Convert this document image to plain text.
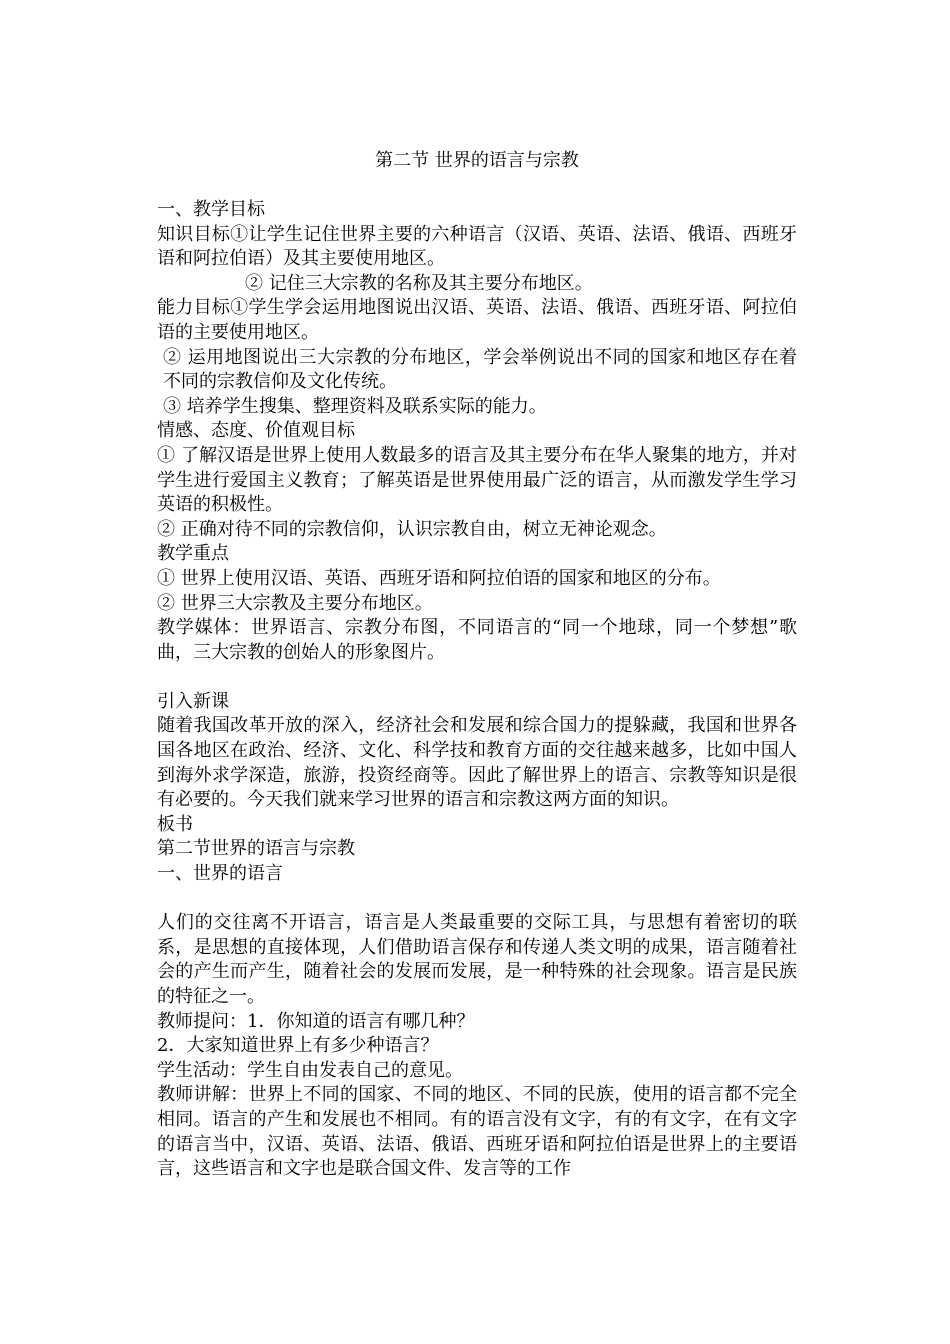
第二节 世界的语言与宗教
一、教学目标
知识目标①让学生记住世界主要的六种语言（汉语、英语、法语、俄语、西班牙语和阿拉伯语）及其主要使用地区。
② 记住三大宗教的名称及其主要分布地区。
能力目标①学生学会运用地图说出汉语、英语、法语、俄语、西班牙语、阿拉伯语的主要使用地区。
② 运用地图说出三大宗教的分布地区，学会举例说出不同的国家和地区存在着不同的宗教信仰及文化传统。
③ 培养学生搜集、整理资料及联系实际的能力。
情感、态度、价值观目标
① 了解汉语是世界上使用人数最多的语言及其主要分布在华人聚集的地方，并对学生进行爱国主义教育；了解英语是世界使用最广泛的语言，从而激发学生学习英语的积极性。
② 正确对待不同的宗教信仰，认识宗教自由，树立无神论观念。
教学重点
① 世界上使用汉语、英语、西班牙语和阿拉伯语的国家和地区的分布。
② 世界三大宗教及主要分布地区。
教学媒体：世界语言、宗教分布图，不同语言的“同一个地球，同一个梦想”歌曲，三大宗教的创始人的形象图片。
引入新课
随着我国改革开放的深入，经济社会和发展和综合国力的提躲藏，我国和世界各国各地区在政治、经济、文化、科学技和教育方面的交往越来越多，比如中国人到海外求学深造，旅游，投资经商等。因此了解世界上的语言、宗教等知识是很有必要的。今天我们就来学习世界的语言和宗教这两方面的知识。
板书
第二节世界的语言与宗教
一、世界的语言
人们的交往离不开语言，语言是人类最重要的交际工具，与思想有着密切的联系，是思想的直接体现，人们借助语言保存和传递人类文明的成果，语言随着社会的产生而产生，随着社会的发展而发展，是一种特殊的社会现象。语言是民族的特征之一。
教师提问：1．你知道的语言有哪几种？
2．大家知道世界上有多少种语言？
学生活动：学生自由发表自己的意见。
教师讲解：世界上不同的国家、不同的地区、不同的民族，使用的语言都不完全相同。语言的产生和发展也不相同。有的语言没有文字，有的有文字，在有文字的语言当中，汉语、英语、法语、俄语、西班牙语和阿拉伯语是世界上的主要语言，这些语言和文字也是联合国文件、发言等的工作
